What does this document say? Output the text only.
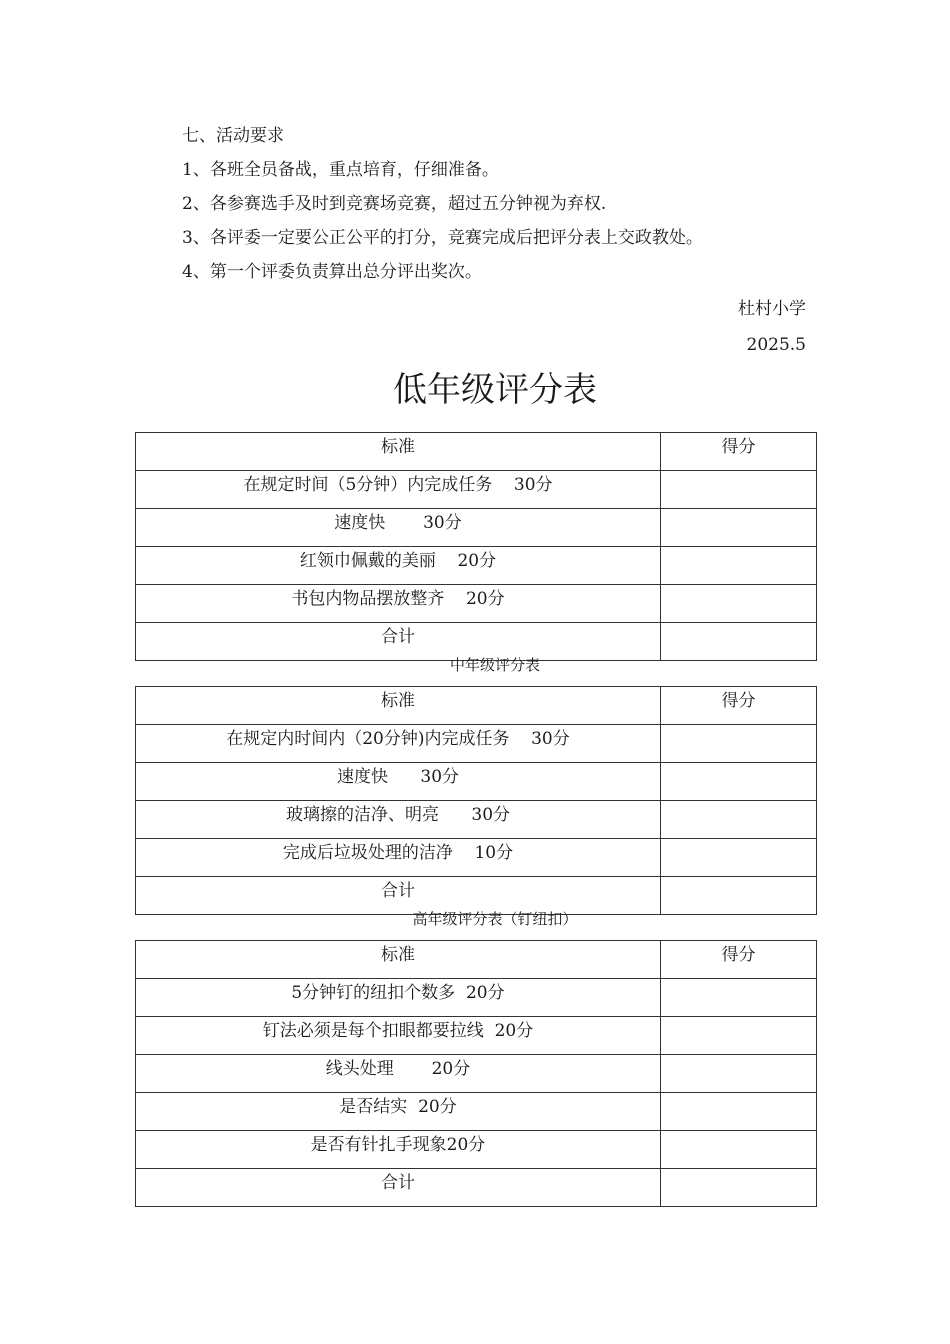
七、活动要求
1、各班全员备战，重点培育，仔细准备。
2、各参赛选手及时到竞赛场竞赛，超过五分钟视为弃权.
3、各评委一定要公正公平的打分，竞赛完成后把评分表上交政教处。
4、第一个评委负责算出总分评出奖次。
杜村小学
2025.5
低年级评分表
标准	得分
在规定时间（5分钟）内完成任务    30分	
速度快       30分	
红领巾佩戴的美丽    20分	
书包内物品摆放整齐    20分	
合计	
中年级评分表
标准	得分
在规定内时间内（20分钟)内完成任务    30分	
速度快      30分	
玻璃擦的洁净、明亮      30分	
完成后垃圾处理的洁净    10分	
合计	
高年级评分表（钉纽扣）
标准	得分
5分钟钉的纽扣个数多  20分	
钉法必须是每个扣眼都要拉线  20分	
线头处理       20分	
是否结实  20分	
是否有针扎手现象20分	
合计	
